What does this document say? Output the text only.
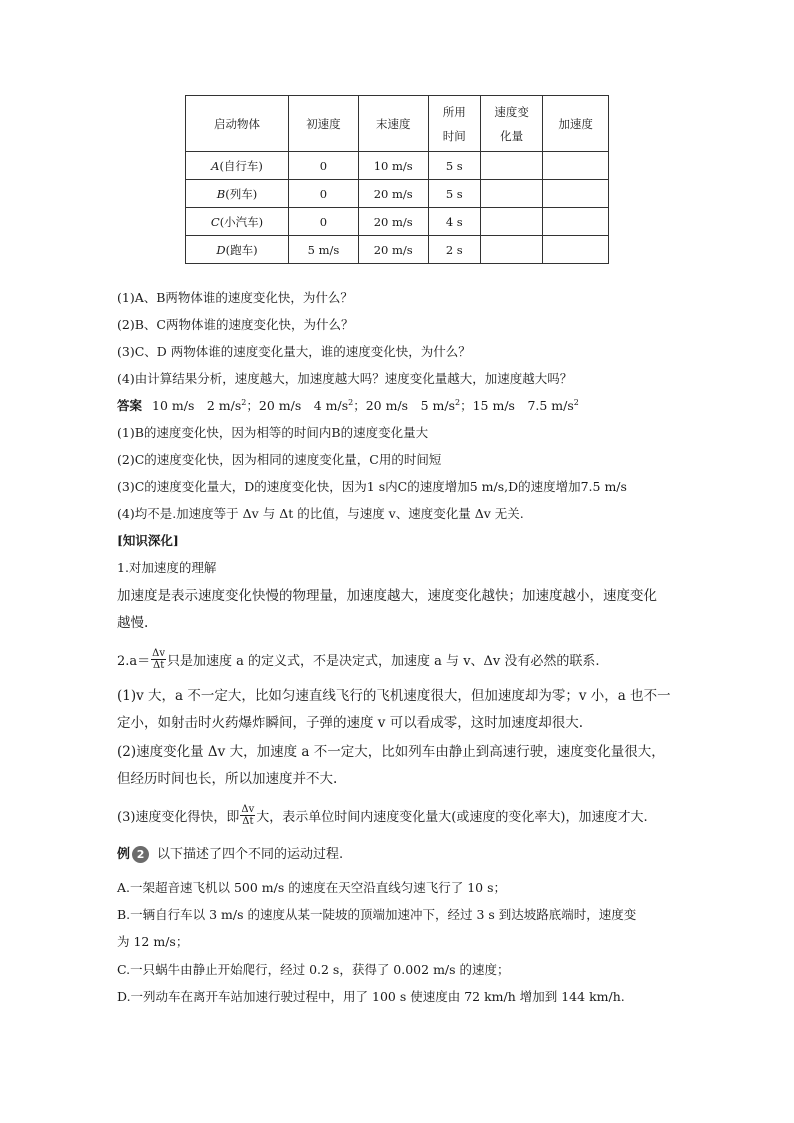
启动物体	初速度	末速度	所用时间	速度变化量	加速度
A(自行车)	0	10 m/s	5 s		
B(列车)	0	20 m/s	5 s		
C(小汽车)	0	20 m/s	4 s		
D(跑车)	5 m/s	20 m/s	2 s		
(1)A、B两物体谁的速度变化快，为什么？
(2)B、C两物体谁的速度变化快，为什么？
(3)C、D 两物体谁的速度变化量大，谁的速度变化快，为什么？
(4)由计算结果分析，速度越大，加速度越大吗？速度变化量越大，加速度越大吗？
答案 10 m/s　2 $m/s^2$；20 m/s　4 $m/s^2$；20 m/s　5 $m/s^2$；15 m/s　7.5 $m/s^2$
(1)B的速度变化快，因为相等的时间内B的速度变化量大
(2)C的速度变化快，因为相同的速度变化量，C用的时间短
(3)C的速度变化量大，D的速度变化快，因为1 s内C的速度增加5 m/s,D的速度增加7.5 m/s
(4)均不是.加速度等于 Δv 与 Δt 的比值，与速度 v、速度变化量 Δv 无关.
[知识深化]
1.对加速度的理解
加速度是表示速度变化快慢的物理量，加速度越大，速度变化越快；加速度越小，速度变化
越慢.
$2.a= \frac{\Delta v}{\Delta t}$ 只是加速度 a 的定义式，不是决定式，加速度 a 与 v、Δv 没有必然的联系.
(1)v 大，a 不一定大，比如匀速直线飞行的飞机速度很大，但加速度却为零；v 小，a 也不一
定小，如射击时火药爆炸瞬间，子弹的速度 v 可以看成零，这时加速度却很大.
(2)速度变化量 Δv 大，加速度 a 不一定大，比如列车由静止到高速行驶，速度变化量很大，
但经历时间也长，所以加速度并不大.
(3)速度变化得快，即 $\frac{\Delta v}{\Delta t}$ 大，表示单位时间内速度变化量大(或速度的变化率大)，加速度才大.
例 2 以下描述了四个不同的运动过程.
A.一架超音速飞机以 500 m/s 的速度在天空沿直线匀速飞行了 10 s；
B.一辆自行车以 3 m/s 的速度从某一陡坡的顶端加速冲下，经过 3 s 到达坡路底端时，速度变
为 12 m/s；
C.一只蜗牛由静止开始爬行，经过 0.2 s，获得了 0.002 m/s 的速度；
D.一列动车在离开车站加速行驶过程中，用了 100 s 使速度由 72 km/h 增加到 144 km/h.
